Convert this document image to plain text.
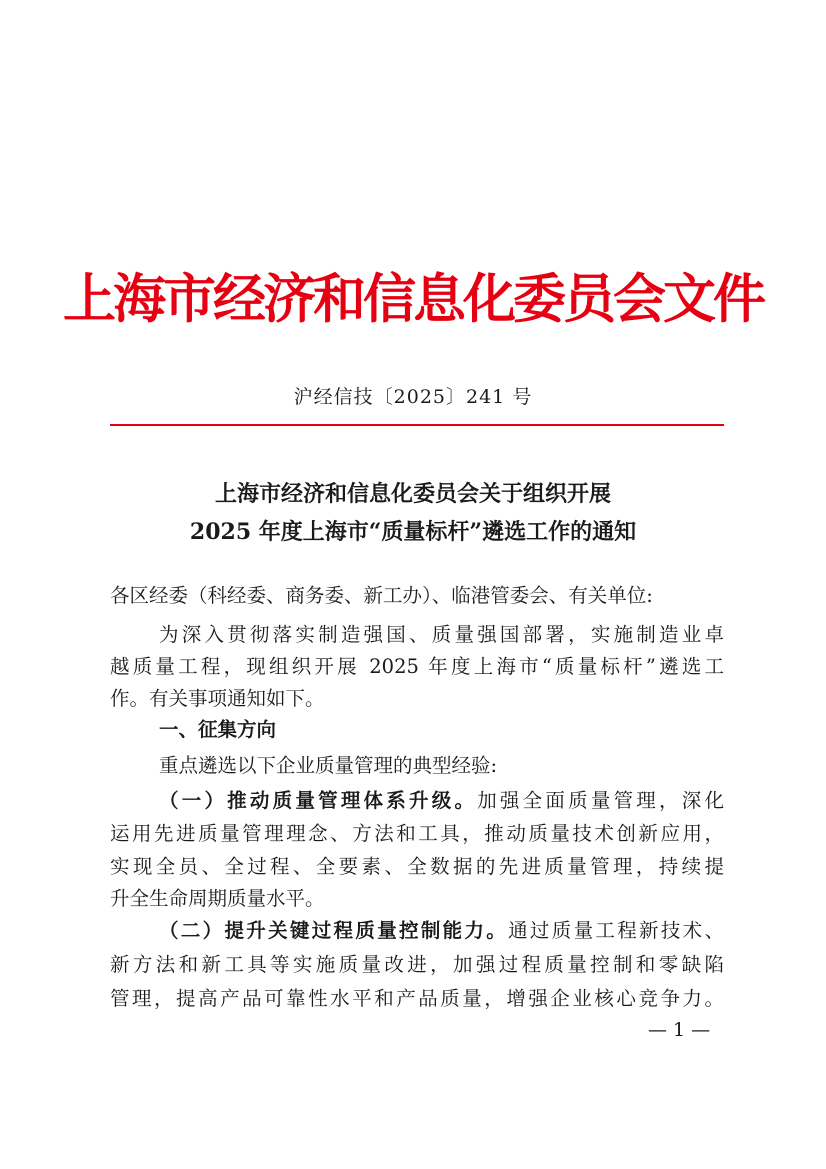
上海市经济和信息化委员会文件
沪经信技〔2025〕241 号
上海市经济和信息化委员会关于组织开展
2025 年度上海市“质量标杆”遴选工作的通知
各区经委（科经委、商务委、新工办）、临港管委会、有关单位:
为深入贯彻落实制造强国、质量强国部署，实施制造业卓
越质量工程，现组织开展 2025 年度上海市“质量标杆”遴选工
作。有关事项通知如下。
一、征集方向
重点遴选以下企业质量管理的典型经验:
（一）推动质量管理体系升级。加强全面质量管理，深化
运用先进质量管理理念、方法和工具，推动质量技术创新应用，
实现全员、全过程、全要素、全数据的先进质量管理，持续提
升全生命周期质量水平。
（二）提升关键过程质量控制能力。通过质量工程新技术、
新方法和新工具等实施质量改进，加强过程质量控制和零缺陷
管理，提高产品可靠性水平和产品质量，增强企业核心竞争力。
— 1 —
